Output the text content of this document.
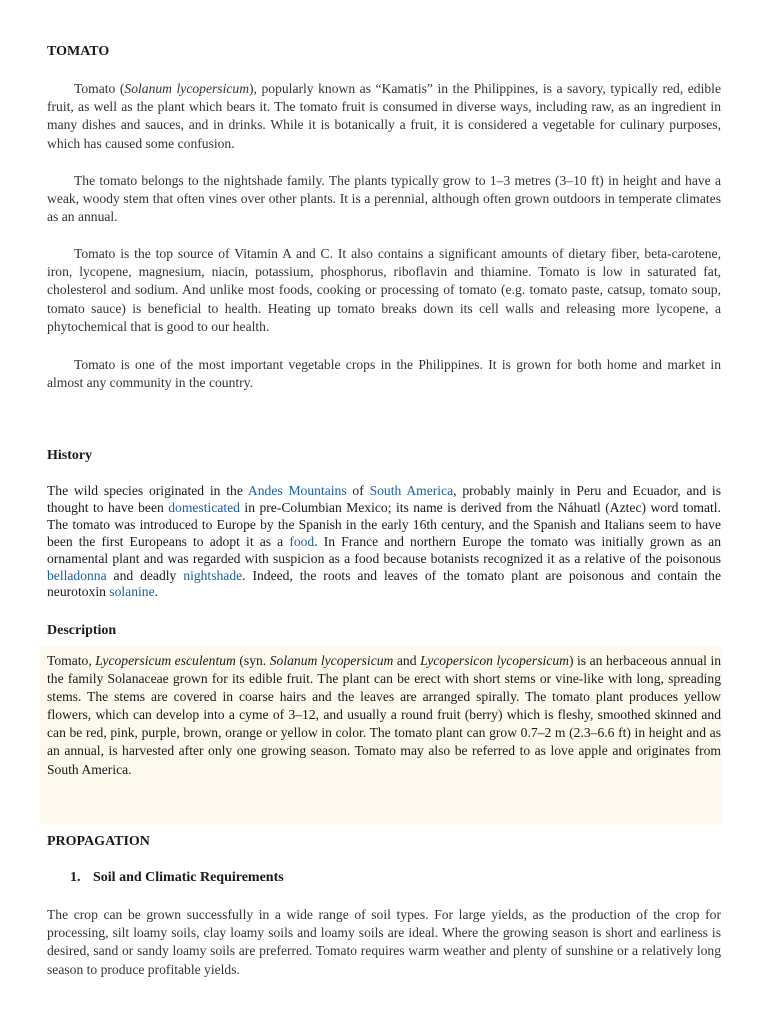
TOMATO

Tomato (Solanum lycopersicum), popularly known as “Kamatis” in the Philippines, is a savory, typically red, edible fruit, as well as the plant which bears it. The tomato fruit is consumed in diverse ways, including raw, as an ingredient in many dishes and sauces, and in drinks. While it is botanically a fruit, it is considered a vegetable for culinary purposes, which has caused some confusion.

The tomato belongs to the nightshade family. The plants typically grow to 1–3 metres (3–10 ft) in height and have a weak, woody stem that often vines over other plants. It is a perennial, although often grown outdoors in temperate climates as an annual.

Tomato is the top source of Vitamin A and C. It also contains a significant amounts of dietary fiber, beta-carotene, iron, lycopene, magnesium, niacin, potassium, phosphorus, riboflavin and thiamine. Tomato is low in saturated fat, cholesterol and sodium. And unlike most foods, cooking or processing of tomato (e.g. tomato paste, catsup, tomato soup, tomato sauce) is beneficial to health. Heating up tomato breaks down its cell walls and releasing more lycopene, a phytochemical that is good to our health.

Tomato is one of the most important vegetable crops in the Philippines. It is grown for both home and market in almost any community in the country.

History

The wild species originated in the Andes Mountains of South America, probably mainly in Peru and Ecuador, and is thought to have been domesticated in pre-Columbian Mexico; its name is derived from the Náhuatl (Aztec) word tomatl. The tomato was introduced to Europe by the Spanish in the early 16th century, and the Spanish and Italians seem to have been the first Europeans to adopt it as a food. In France and northern Europe the tomato was initially grown as an ornamental plant and was regarded with suspicion as a food because botanists recognized it as a relative of the poisonous belladonna and deadly nightshade. Indeed, the roots and leaves of the tomato plant are poisonous and contain the neurotoxin solanine.

Description

Tomato, Lycopersicum esculentum (syn. Solanum lycopersicum and Lycopersicon lycopersicum) is an herbaceous annual in the family Solanaceae grown for its edible fruit. The plant can be erect with short stems or vine-like with long, spreading stems. The stems are covered in coarse hairs and the leaves are arranged spirally. The tomato plant produces yellow flowers, which can develop into a cyme of 3–12, and usually a round fruit (berry) which is fleshy, smoothed skinned and can be red, pink, purple, brown, orange or yellow in color. The tomato plant can grow 0.7–2 m (2.3–6.6 ft) in height and as an annual, is harvested after only one growing season. Tomato may also be referred to as love apple and originates from South America.

PROPAGATION
1. Soil and Climatic Requirements

The crop can be grown successfully in a wide range of soil types. For large yields, as the production of the crop for processing, silt loamy soils, clay loamy soils and loamy soils are ideal. Where the growing season is short and earliness is desired, sand or sandy loamy soils are preferred. Tomato requires warm weather and plenty of sunshine or a relatively long season to produce profitable yields.
